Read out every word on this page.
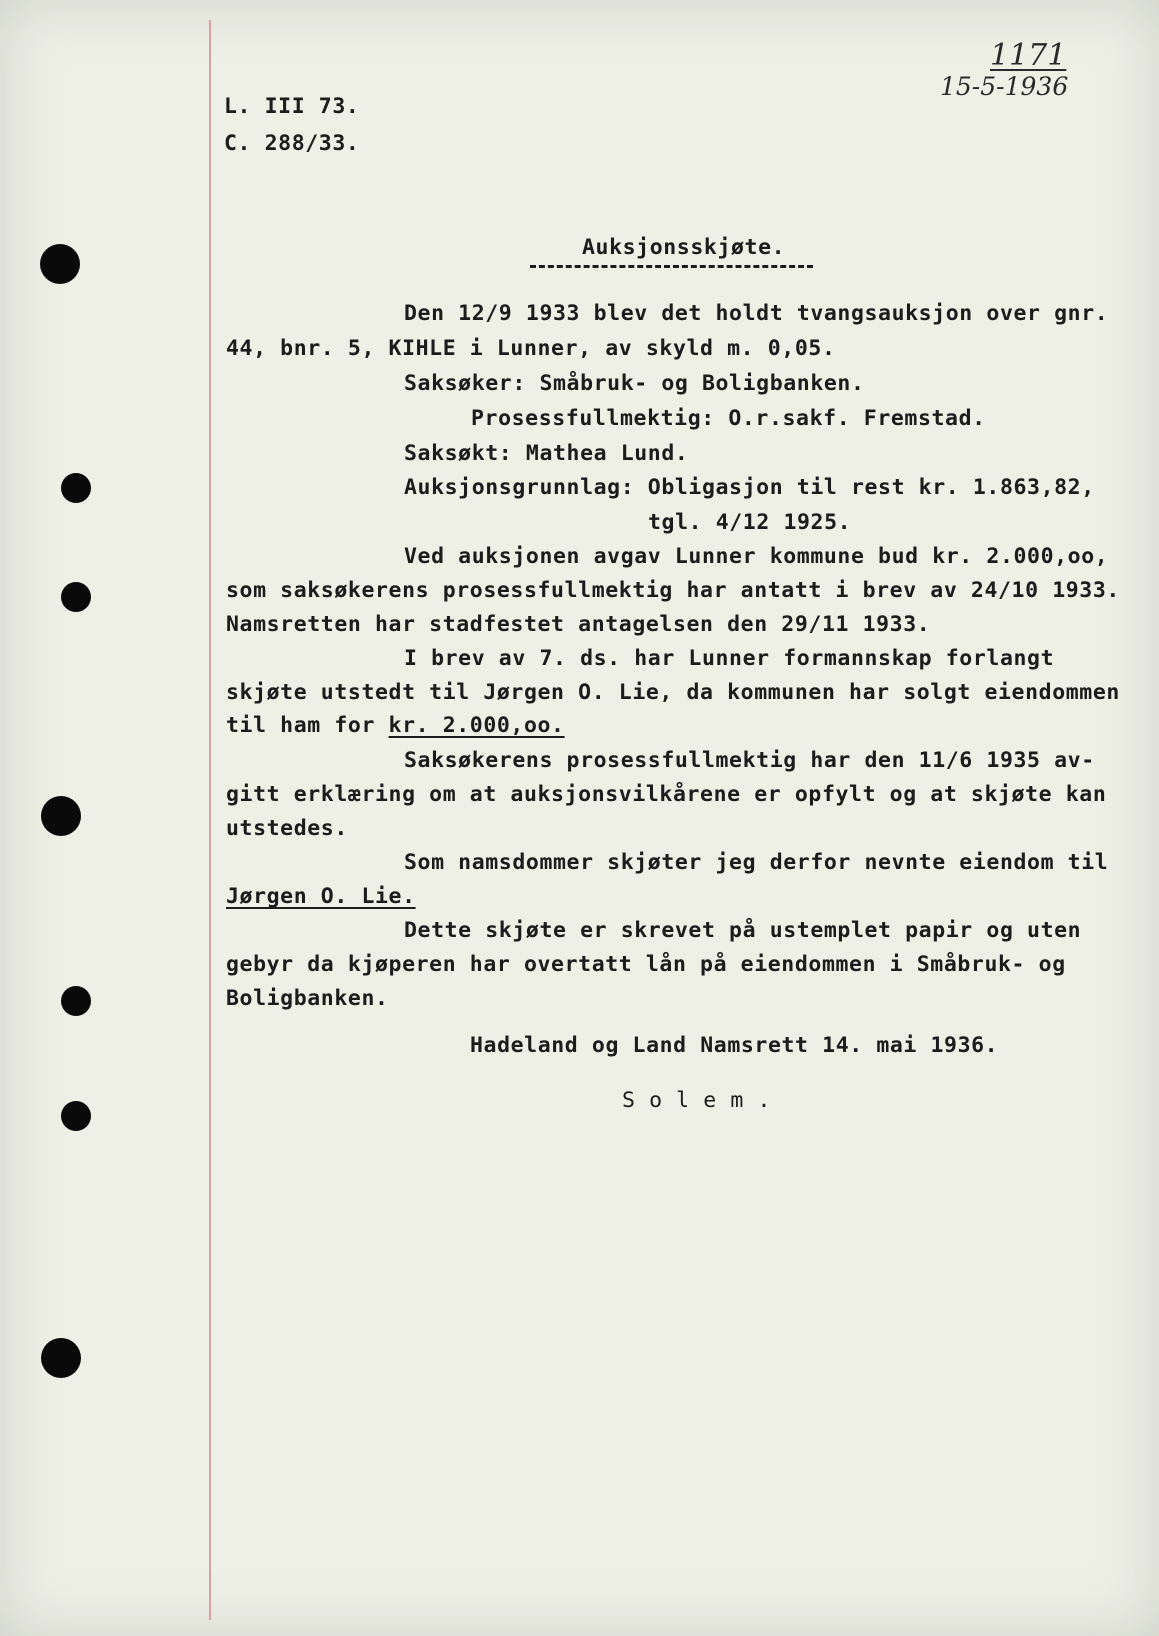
1171
15-5-1936
L. III 73.
C. 288/33.
Auksjonsskjøte.
Den 12/9 1933 blev det holdt tvangsauksjon over gnr.
44, bnr. 5, KIHLE i Lunner, av skyld m. 0,05.
Saksøker: Småbruk- og Boligbanken.
Prosessfullmektig: O.r.sakf. Fremstad.
Saksøkt: Mathea Lund.
Auksjonsgrunnlag: Obligasjon til rest kr. 1.863,82,
tgl. 4/12 1925.
Ved auksjonen avgav Lunner kommune bud kr. 2.000,oo,
som saksøkerens prosessfullmektig har antatt i brev av 24/10 1933.
Namsretten har stadfestet antagelsen den 29/11 1933.
I brev av 7. ds. har Lunner formannskap forlangt
skjøte utstedt til Jørgen O. Lie, da kommunen har solgt eiendommen
til ham for kr. 2.000,oo.
Saksøkerens prosessfullmektig har den 11/6 1935 av-
gitt erklæring om at auksjonsvilkårene er opfylt og at skjøte kan
utstedes.
Som namsdommer skjøter jeg derfor nevnte eiendom til
Jørgen O. Lie.
Dette skjøte er skrevet på ustemplet papir og uten
gebyr da kjøperen har overtatt lån på eiendommen i Småbruk- og
Boligbanken.
Hadeland og Land Namsrett 14. mai 1936.
S o l e m .
